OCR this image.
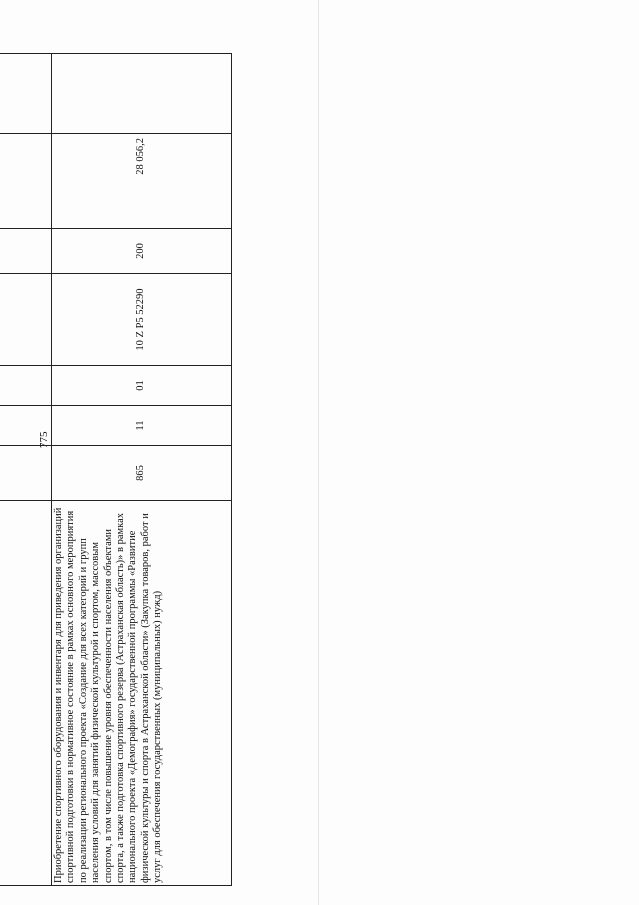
775

Приобретение спортивного оборудования и инвентаря для приведения организаций спортивной подготовки в нормативное состояние в рамках основного мероприятия по реализации регионального проекта «Создание для всех категорий и групп населения условий для занятий физической культурой и спортом, массовым спортом, в том числе повышение уровня обеспеченности населения объектами спорта, а также подготовка спортивного резерва (Астраханская область)» в рамках национального проекта «Демография» государственной программы «Развитие физической культуры и спорта в Астраханской области» (Закупка товаров, работ и услуг для обеспечения государственных (муниципальных) нужд)	865	11	01	10 Z P5 52290	200	28 056,2	
